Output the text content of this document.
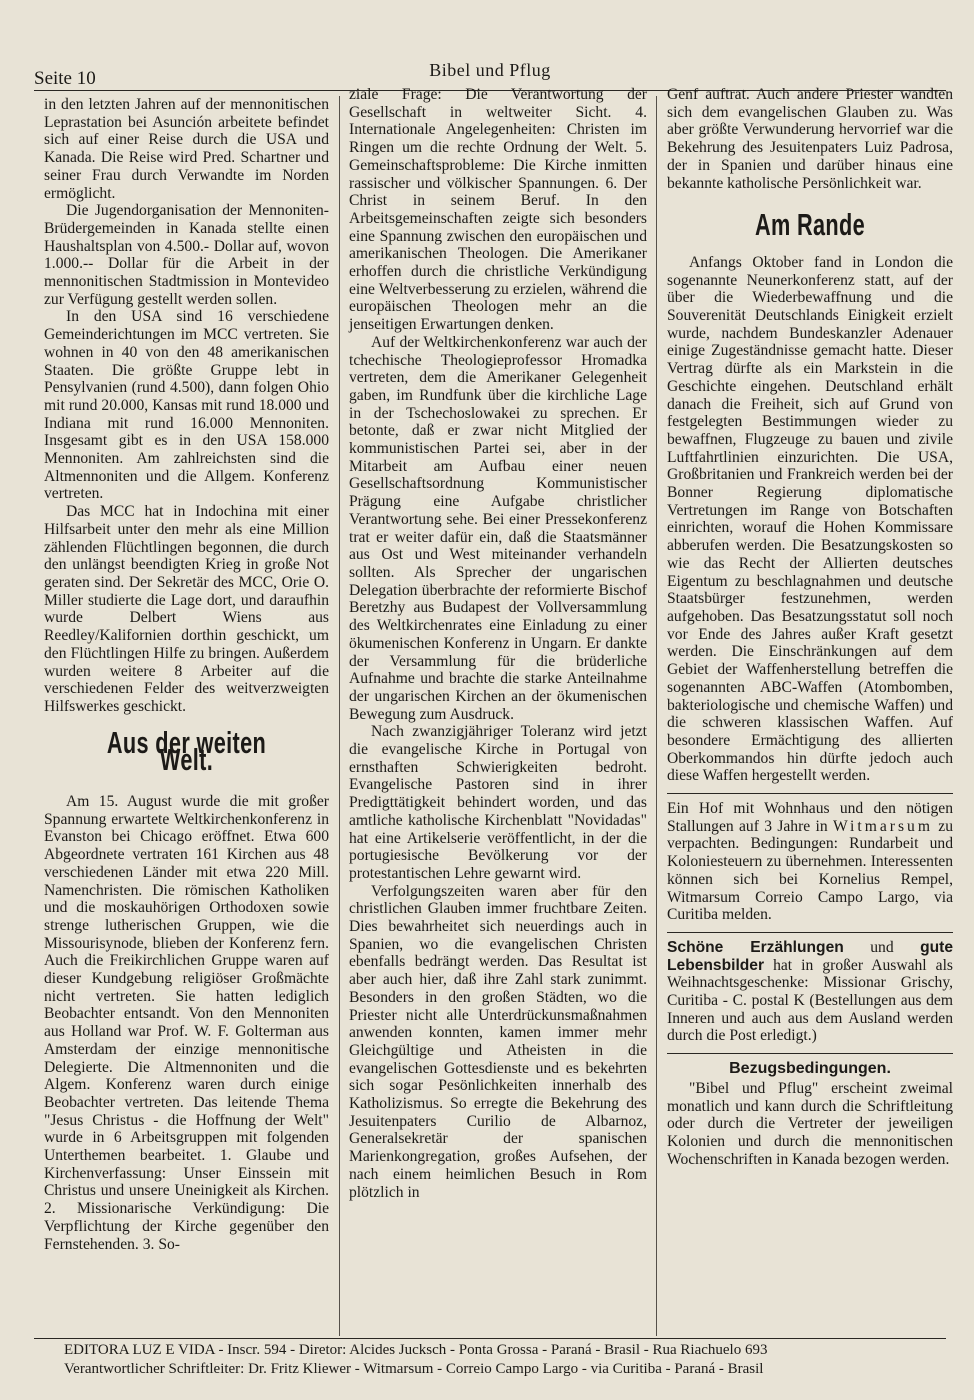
Seite 10	Bibel und Pflug

in den letzten Jahren auf der mennonitischen Leprastation bei Asunción arbeitete befindet sich auf einer Reise durch die USA und Kanada. Die Reise wird Pred. Schartner und seiner Frau durch Verwandte im Norden ermöglicht.

Die Jugendorganisation der Mennoniten-Brüdergemeinden in Kanada stellte einen Haushaltsplan von 4.500.- Dollar auf, wovon 1.000.-- Dollar für die Arbeit in der mennonitischen Stadtmission in Montevideo zur Verfügung gestellt werden sollen.

In den USA sind 16 verschiedene Gemeinderichtungen im MCC vertreten. Sie wohnen in 40 von den 48 amerikanischen Staaten. Die größte Gruppe lebt in Pensylvanien (rund 4.500), dann folgen Ohio mit rund 20.000, Kansas mit rund 18.000 und Indiana mit rund 16.000 Mennoniten. Insgesamt gibt es in den USA 158.000 Mennoniten. Am zahlreichsten sind die Altmennoniten und die Allgem. Konferenz vertreten.

Das MCC hat in Indochina mit einer Hilfsarbeit unter den mehr als eine Million zählenden Flüchtlingen begonnen, die durch den unlängst beendigten Krieg in große Not geraten sind. Der Sekretär des MCC, Orie O. Miller studierte die Lage dort, und daraufhin wurde Delbert Wiens aus Reedley/Kalifornien dorthin geschickt, um den Flüchtlingen Hilfe zu bringen. Außerdem wurden weitere 8 Arbeiter auf die verschiedenen Felder des weitverzweigten Hilfswerkes geschickt.

Aus der weiten Welt.

Am 15. August wurde die mit großer Spannung erwartete Weltkirchenkonferenz in Evanston bei Chicago eröffnet. Etwa 600 Abgeordnete vertraten 161 Kirchen aus 48 verschiedenen Länder mit etwa 220 Mill. Namenchristen. Die römischen Katholiken und die moskauhörigen Orthodoxen sowie strenge lutherischen Gruppen, wie die Missourisynode, blieben der Konferenz fern. Auch die Freikirchlichen Gruppe waren auf dieser Kundgebung religiöser Großmächte nicht vertreten. Sie hatten lediglich Beobachter entsandt. Von den Mennoniten aus Holland war Prof. W. F. Golterman aus Amsterdam der einzige mennonitische Delegierte. Die Altmennoniten und die Algem. Konferenz waren durch einige Beobachter vertreten. Das leitende Thema "Jesus Christus - die Hoffnung der Welt" wurde in 6 Arbeitsgruppen mit folgenden Unterthemen bearbeitet. 1. Glaube und Kirchenverfassung: Unser Einssein mit Christus und unsere Uneinigkeit als Kirchen. 2. Missionarische Verkündigung: Die Verpflichtung der Kirche gegenüber den Fernstehenden. 3. So-

ziale Frage: Die Verantwortung der Gesellschaft in weltweiter Sicht. 4. Internationale Angelegenheiten: Christen im Ringen um die rechte Ordnung der Welt. 5. Gemeinschaftsprobleme: Die Kirche inmitten rassischer und völkischer Spannungen. 6. Der Christ in seinem Beruf. In den Arbeitsgemeinschaften zeigte sich besonders eine Spannung zwischen den europäischen und amerikanischen Theologen. Die Amerikaner erhoffen durch die christliche Verkündigung eine Weltverbesserung zu erzielen, während die europäischen Theologen mehr an die jenseitigen Erwartungen denken.

Auf der Weltkirchenkonferenz war auch der tchechische Theologieprofessor Hromadka vertreten, dem die Amerikaner Gelegenheit gaben, im Rundfunk über die kirchliche Lage in der Tschechoslowakei zu sprechen. Er betonte, daß er zwar nicht Mitglied der kommunistischen Partei sei, aber in der Mitarbeit am Aufbau einer neuen Gesellschaftsordnung Kommunistischer Prägung eine Aufgabe christlicher Verantwortung sehe. Bei einer Pressekonferenz trat er weiter dafür ein, daß die Staatsmänner aus Ost und West miteinander verhandeln sollten. Als Sprecher der ungarischen Delegation überbrachte der reformierte Bischof Beretzhy aus Budapest der Vollversammlung des Weltkirchenrates eine Einladung zu einer ökumenischen Konferenz in Ungarn. Er dankte der Versammlung für die brüderliche Aufnahme und brachte die starke Anteilnahme der ungarischen Kirchen an der ökumenischen Bewegung zum Ausdruck.

Nach zwanzigjähriger Toleranz wird jetzt die evangelische Kirche in Portugal von ernsthaften Schwierigkeiten bedroht. Evangelische Pastoren sind in ihrer Predigttätigkeit behindert worden, und das amtliche katholische Kirchenblatt "Novidadas" hat eine Artikelserie veröffentlicht, in der die portugiesische Bevölkerung vor der protestantischen Lehre gewarnt wird.

Verfolgungszeiten waren aber für den christlichen Glauben immer fruchtbare Zeiten. Dies bewahrheitet sich neuerdings auch in Spanien, wo die evangelischen Christen ebenfalls bedrängt werden. Das Resultat ist aber auch hier, daß ihre Zahl stark zunimmt. Besonders in den großen Städten, wo die Priester nicht alle Unterdrückunsmaßnahmen anwenden konnten, kamen immer mehr Gleichgültige und Atheisten in die evangelischen Gottesdienste und es bekehrten sich sogar Pesönlichkeiten innerhalb des Katholizismus. So erregte die Bekehrung des Jesuitenpaters Curilio de Albarnoz, Generalsekretär der spanischen Marienkongregation, großes Aufsehen, der nach einem heimlichen Besuch in Rom plötzlich in

Genf auftrat. Auch andere Priester wandten sich dem evangelischen Glauben zu. Was aber größte Verwunderung hervorrief war die Bekehrung des Jesuitenpaters Luiz Padrosa, der in Spanien und darüber hinaus eine bekannte katholische Persönlichkeit war.

Am Rande

Anfangs Oktober fand in London die sogenannte Neunerkonferenz statt, auf der über die Wiederbewaffnung und die Souverenität Deutschlands Einigkeit erzielt wurde, nachdem Bundeskanzler Adenauer einige Zugeständnisse gemacht hatte. Dieser Vertrag dürfte als ein Markstein in die Geschichte eingehen. Deutschland erhält danach die Freiheit, sich auf Grund von festgelegten Bestimmungen wieder zu bewaffnen, Flugzeuge zu bauen und zivile Luftfahrtlinien einzurichten. Die USA, Großbritanien und Frankreich werden bei der Bonner Regierung diplomatische Vertretungen im Range von Botschaften einrichten, worauf die Hohen Kommissare abberufen werden. Die Besatzungskosten so wie das Recht der Allierten deutsches Eigentum zu beschlagnahmen und deutsche Staatsbürger festzunehmen, werden aufgehoben. Das Besatzungsstatut soll noch vor Ende des Jahres außer Kraft gesetzt werden. Die Einschränkungen auf dem Gebiet der Waffenherstellung betreffen die sogenannten ABC-Waffen (Atombomben, bakteriologische und chemische Waffen) und die schweren klassischen Waffen. Auf besondere Ermächtigung des allierten Oberkommandos hin dürfte jedoch auch diese Waffen hergestellt werden.

Ein Hof mit Wohnhaus und den nötigen Stallungen auf 3 Jahre in Witmarsum zu verpachten. Bedingungen: Rundarbeit und Koloniesteuern zu übernehmen. Interessenten können sich bei Kornelius Rempel, Witmarsum Correio Campo Largo, via Curitiba melden.

Schöne Erzählungen und gute Lebensbilder hat in großer Auswahl als Weihnachtsgeschenke: Missionar Grischy, Curitiba - C. postal K (Bestellungen aus dem Inneren und auch aus dem Ausland werden durch die Post erledigt.)

Bezugsbedingungen.

"Bibel und Pflug" erscheint zweimal monatlich und kann durch die Schriftleitung oder durch die Vertreter der jeweiligen Kolonien und durch die mennonitischen Wochenschriften in Kanada bezogen werden.

EDITORA LUZ E VIDA - Inscr. 594 - Diretor: Alcides Jucksch - Ponta Grossa - Paraná - Brasil - Rua Riachuelo 693
Verantwortlicher Schriftleiter: Dr. Fritz Kliewer - Witmarsum - Correio Campo Largo - via Curitiba - Paraná - Brasil
